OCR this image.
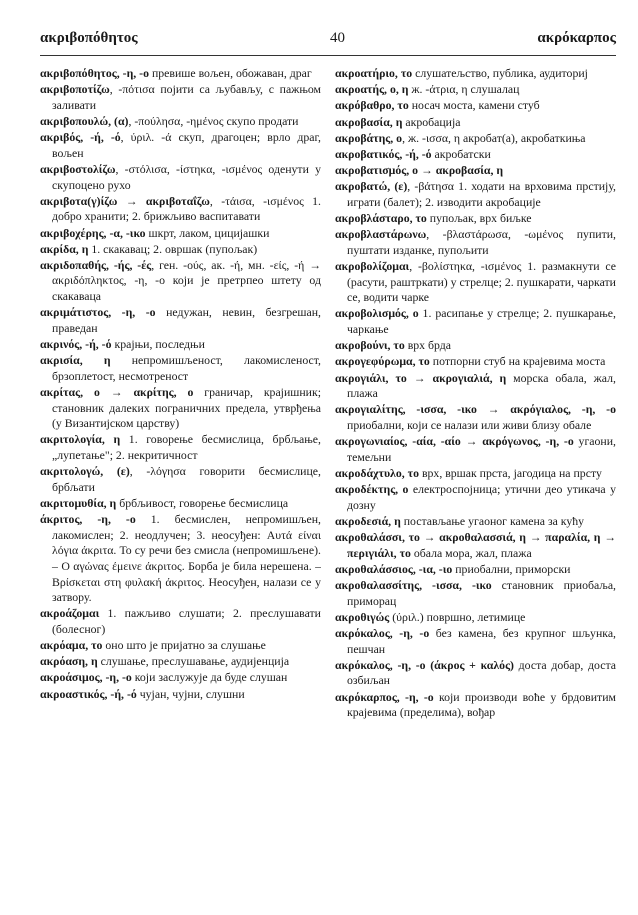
ακριβοπόθητος	40	ακρόκαρπος

ακριβοπόθητος, -η, -ο превише вољен, обожаван, драг

ακριβοποτίζω, -πότισα појити са љубављу, с пажњом заливати

ακριβοπουλώ, (α), -πούλησα, -ημένος скупо продати

ακριβός, -ή, -ό, ύριλ. -ά скуп, драгоцен; врло драг, вољен

ακριβοστολίζω, -στόλισα, -ίστηκα, -ισμένος оденути у скупоцено рухо

ακριβοτα(γ)ίζω → ακριβοταΐζω, -τάισα, -ισμένος 1. добро хранити; 2. брижљиво васпитавати

ακριβοχέρης, -α, -ικο шкрт, лаком, цицијашки

ακρίδα, η 1. скакавац; 2. овршак (пупољак)

ακριδοπαθής, -ής, -ές, ген. -ούς, ак. -ή, мн. -είς, -ή → ακριδόπληκτος, -η, -ο који је претрпео штету од скакаваца

ακριμάτιστος, -η, -ο недужан, невин, безгрешан, праведан

ακρινός, -ή, -ό крајњи, последњи

ακρισία, η непромишљеност, лакомисленост, брзоплетост, несмотреност

ακρίτας, ο → ακρίτης, ο граничар, крајишник; становник далеких пограничних предела, утврђења (у Византијском царству)

ακριτολογία, η 1. говорење бесмислица, брбљање, „лупетање"; 2. некритичност

ακριτολογώ, (ε), -λόγησα говорити бесмислице, брбљати

ακριτομυθία, η брбљивост, говорење бесмислица

άκριτος, -η, -ο 1. бесмислен, непромишљен, лакомислен; 2. неодлучен; 3. неосуђен: Αυτά είναι λόγια άκριτα. То су речи без смисла (непромишљене). – Ο αγώνας έμεινε άκριτος. Борба је била нерешена. – Βρίσκεται στη φυλακή άκριτος. Неосуђен, налази се у затвору.

ακροάζομαι 1. пажљиво слушати; 2. преслушавати (болесног)

ακρόαμα, το оно што је пријатно за слушање

ακρόαση, η слушање, преслушавање, аудијенција

ακροάσιμος, -η, -ο који заслужује да буде слушан

ακροαστικός, -ή, -ό чујан, чујни, слушни

ακροατήριο, το слушатељство, публика, аудиториј

ακροατής, ο, η ж. -άτρια, η слушалац

ακρόβαθρο, το носач моста, камени стуб

ακροβασία, η акробација

ακροβάτης, ο, ж. -ισσα, η акробат(а), акробаткиња

ακροβατικός, -ή, -ό акробатски

ακροβατισμός, ο → ακροβασία, η

ακροβατώ, (ε), -βάτησα 1. ходати на врховима прстију, играти (балет); 2. изводити акробације

ακροβλάσταρο, το пупољак, врх биљке

ακροβλαστάρωνω, -βλαστάρωσα, -ωμένος пупити, пуштати изданке, пупољити

ακροβολίζομαι, -βολίστηκα, -ισμένος 1. размакнути се (расути, раштркати) у стрелце; 2. пушкарати, чаркати се, водити чарке

ακροβολισμός, ο 1. расипање у стрелце; 2. пушкарање, чаркање

ακροβούνι, το врх брда

ακρογεφύρωμα, το потпорни стуб на крајевима моста

ακρογιάλι, το → ακρογιαλιά, η морска обала, жал, плажа

ακρογιαλίτης, -ισσα, -ικο → ακρόγιαλος, -η, -ο приобални, који се налази или живи близу обале

ακρογωνιαίος, -αία, -αίο → ακρόγωνος, -η, -ο угаони, темељни

ακροδάχτυλο, το врх, вршак прста, јагодица на прсту

ακροδέκτης, ο електроспојница; утични део утикача у дозну

ακροδεσιά, η постављање угаоног камена за кућу

ακροθαλάσσι, το → ακροθαλασσιά, η → παραλία, η → περιγιάλι, το обала мора, жал, плажа

ακροθαλάσσιος, -ια, -ιο приобални, приморски

ακροθαλασσίτης, -ισσα, -ικο становник приобаља, приморац

ακροθιγώς (ύριλ.) површно, летимице

ακρόκαλος, -η, -ο без камена, без крупног шљунка, пешчан

ακρόκαλος, -η, -ο (άκρος + καλός) доста добар, доста озбиљан

ακρόκαρπος, -η, -ο који производи воће у брдовитим крајевима (пределима), вођар
